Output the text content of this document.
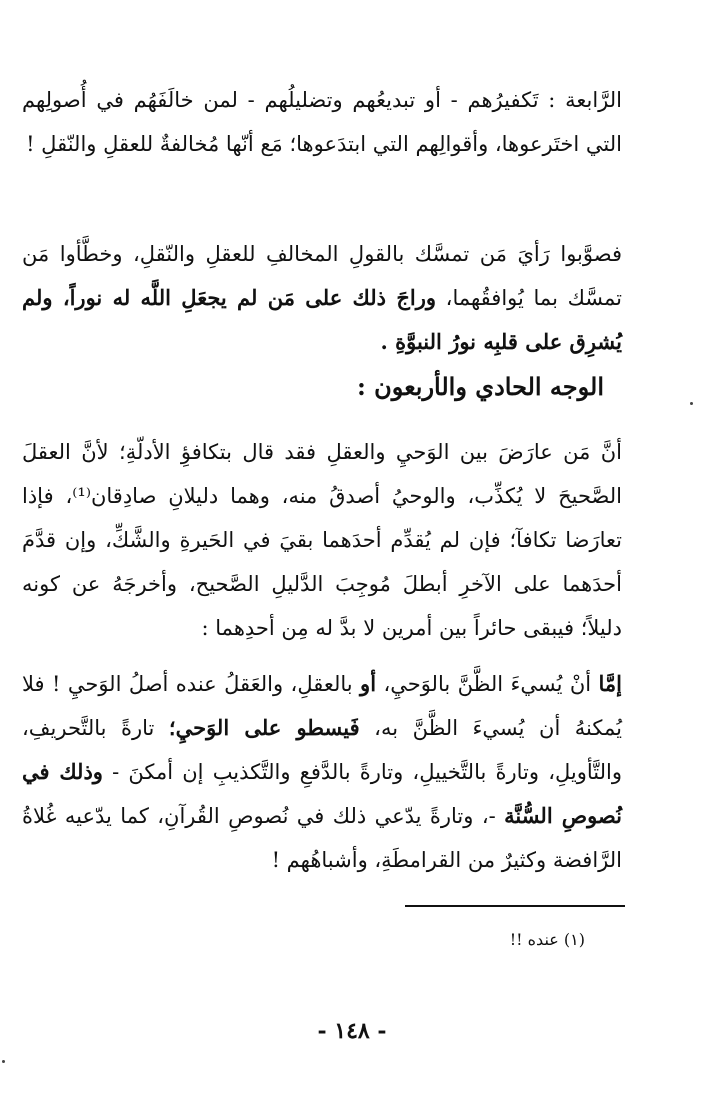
الرَّابعة : تَكفيرُهم - أو تبديعُهم وتضليلُهم - لمن خالَفَهُم في أُصولِهم التي اختَرعوها، وأقوالِهم التي ابتدَعوها؛ مَع أنّها مُخالفةٌ للعقلِ والنّقلِ !

فصوَّبوا رَأيَ مَن تمسَّك بالقولِ المخالفِ للعقلِ والنّقلِ، وخطَّأوا مَن تمسَّك بما يُوافقُهما، وراجَ ذلك على مَن لم يجعَلِ اللَّه له نوراً، ولم يُشرِق على قلبِه نورُ النبوَّةِ .

الوجه الحادي والأربعون :

أنَّ مَن عارَضَ بين الوَحيِ والعقلِ فقد قال بتكافؤِ الأدلّةِ؛ لأنَّ العقلَ الصَّحيحَ لا يُكذِّب، والوحيُ أصدقُ منه، وهما دليلانِ صادِقان⁽¹⁾، فإذا تعارَضا تكافآ؛ فإن لم يُقدِّم أحدَهما بقيَ في الحَيرةِ والشَّكِّ، وإن قدَّمَ أحدَهما على الآخرِ أبطلَ مُوجِبَ الدَّليلِ الصَّحيح، وأخرجَهُ عن كونه دليلاً؛ فيبقى حائراً بين أمرين لا بدَّ له مِن أحدِهما :

إمَّا أنْ يُسيءَ الظَّنَّ بالوَحيِ، أو بالعقلِ، والعَقلُ عنده أصلُ الوَحيِ ! فلا يُمكنهُ أن يُسيءَ الظَّنَّ به، فَيسطو على الوَحيِ؛ تارةً بالتَّحريفِ، والتَّأويلِ، وتارةً بالتَّخييلِ، وتارةً بالدَّفعِ والتَّكذيبِ إن أمكنَ - وذلك في نُصوصِ السُّنَّة -، وتارةً يدّعي ذلك في نُصوصِ القُرآنِ، كما يدّعيه غُلاةُ الرَّافضة وكثيرٌ من القرامطَةِ، وأشباهُهم !

(١) عنده !!
- ١٤٨ -
